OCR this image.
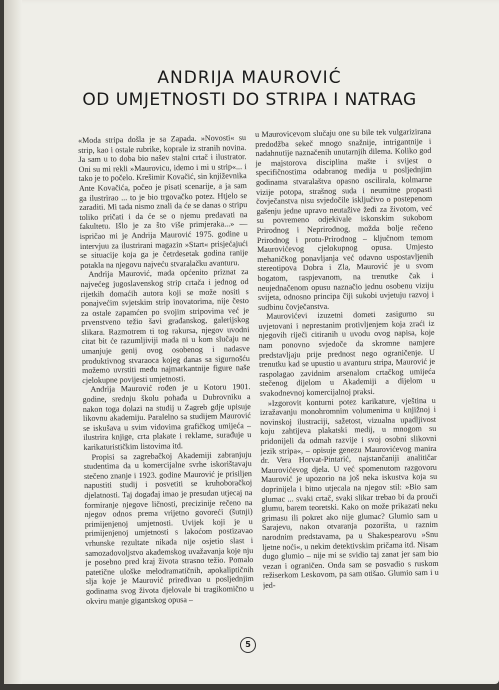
ANDRIJA MAUROVIĆ
OD UMJETNOSTI DO STRIPA I NATRAG

«Moda stripa došla je sa Zapada. »Novosti« su strip, kao i ostale rubrike, koprale iz stranih novina. Ja sam u to doba bio našev stalni crtač i ilustrator. Oni su mi rekli »Maurovicu, idemo i mi u strip«... i tako je to počelo. Krešimir Kovačić, sin književnika Ante Kovačića, počeo je pisati scenarije, a ja sam ga ilustrirao ... to je bio trgovačko potez. Htjelo se zaraditi. Mi tada nismo znali da će se danas o stripu toliko pričati i da će se o njemu predavati na fakultetu. Išlo je za što više primjeraka...» — ispričao mi je Andrija Maurović 1975. godine u intervjuu za ilustrirani magazin »Start« prisjećajući se situacije koja ga je četrdesetak godina ranije potakla na njegovu najveću stvaralačku avanturu.

Andrija Maurović, mada općenito priznat za najvećeg jugoslavenskog strip crtača i jednog od rijetkih domaćih autora koji se može nositi s ponajvećim svjetskim strip inovatorima, nije često za ostale zapamćen po svojim stripovima već je prvenstveno težio šavi građanskog, galerijskog slikara. Razmotrem ti tog rakursa, njegov uvodni citat bit će razumljiviji mada ni u kom slučaju ne umanjuje genij ovog osobenog i nadasve produktivnog stvaraoca kojeg danas sa sigurnošću možemo uvrstiti među najmarkantnije figure naše cjelokupne povijesti umjetnosti.

Andrija Maurović rođen je u Kotoru 1901. godine, srednju školu pohađa u Dubrovniku a nakon toga dolazi na studij u Zagreb gdje upisuje likovnu akademiju. Paralelno sa studijem Maurović se iskušava u svim vidovima grafičkog umijeća – ilustrira knjige, crta plakate i reklame, surađuje u karikaturističkim listovima itd.

Propisi sa zagrebačkoj Akademiji zabranjuju studentima da u komercijalne svrhe iskorištavaju stečeno znanje i 1923. godine Maurović je prisiljen napustiti studij i posvetiti se kruhoboračkoj djelatnosti. Taj događaj imao je presudan utjecaj na formiranje njegove ličnosti, precizinije rečeno na njegov odnos prema vrijetno govoreći (šutnji) primijenjenoj umjetnosti. Uvijek koji je u primijenjenoj umjetnosti s lakoćom postizavao vrhunske rezultate nikada nije osjetio slast i samozadovoljstvo akademskog uvažavanja koje nju je posebno pred kraj života strasno težio. Pomalo patetične uloške melodramatičnih, apokaliptičnih slja koje je Maurović priređivao u posljednjim godinama svog života djelovale bi tragikomično u okviru manje gigantskog opusa –

u Maurovicevom slučaju one su bile tek vulgarizirana predodžba sekeč mnogo snažnije, intrigantnije i nadahnutije naznačenih unutarnjih dilema. Koliko god je majstorova disciplina mašte i svijest o specifičnostima odabranog medija u posljednjim godinama stvaralaštva opasno oscilirala, kolmarne vizije potopa, strašnog suda i neumitne propasti čovječanstva nisu svjedočile isključivo o postepenom gašenju jedne upravo neutažive žeđi za životom, već su povremeno odjekivale iskonskim sukobom Prirodnog i Neprirodnog, možda bolje rečeno Prirodnog i protu-Prirodnog – ključnom temom Maurovićevog cjelokupnog opusa. Umjesto mehaničkog ponavljanja već odavno uspostavljenih stereotipova Dobra i Zla, Maurović je u svom bogatom, raspjevanom, na trenutke čak i neujednačenom opusu naznačio jednu osobenu viziju svijeta, odnosno principa čiji sukobi uvjetuju razvoj i sudbinu čovječanstva.

Maurovićevi izuzetni dometi zasigurno su uvjetovani i neprestanim protivljenjem koja zraći iz njegovih riječi citiranih u uvodu ovog napisa, koje nam ponovno svjedoče da skromne namjere predstavljaju prije prednost nego ograničenje. U trenutku kad se upustio u avanturu stripa, Maurović je raspolagao zavidnim arsenalom crtačkog umijeća stečenog dijelom u Akademiji a dijelom u svakodnevnoj komercijalnoj praksi.

»Izgorovit konturni potez karikature, vještina u izražavanju monohromnim volumenima u knjižnoj i novinskoj ilustraciji, sažetost, vizualna upadljivost koju zahtijeva plakatski medij, u mnogom su pridonijeli da odmah razvije i svoj osobni slikovni jezik stripa«, – opisuje genezu Maurovićevog manira dr. Vera Horvat-Pintarić, najstančaniji analitičar Maurovićevog djela. U već spomenutom razgovoru Maurović je upozorio na još neka iskustva koja su doprinijela i bitno utjecala na njegov stil: »Bio sam glumac ... svaki crtač, svaki slikar trebao bi da prouči glumu, barem teoretski. Kako on može prikazati neku grimasu ili pokret ako nije glumac? Glumio sam u Sarajevu, nakon otvaranja pozorišta, u raznim narodnim predstavama, pa u Shakespearovu »Snu ljetne noći«, u nekim detektivskim pričama itd. Nisam dugo glumio – nije mi se svidio taj zanat jer sam bio vezan i ograničen. Onda sam se posvadio s ruskom režiserkom Leskovom, pa sam otišao. Glumio sam i u jed-

5
